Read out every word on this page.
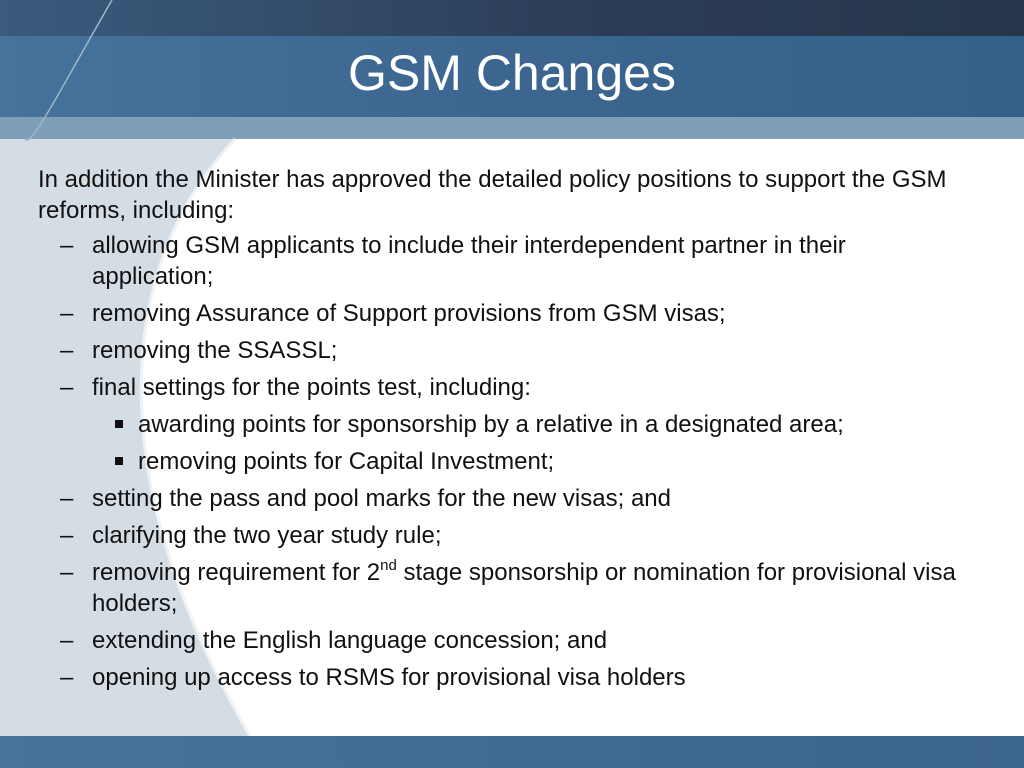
GSM Changes
In addition the Minister has approved the detailed policy positions to support the GSM reforms, including:
– allowing GSM applicants to include their interdependent partner in their application;
– removing Assurance of Support provisions from GSM visas;
– removing the SSASSL;
– final settings for the points test, including:
awarding points for sponsorship by a relative in a designated area;
removing points for Capital Investment;
– setting the pass and pool marks for the new visas; and
– clarifying the two year study rule;
– removing requirement for 2nd stage sponsorship or nomination for provisional visa holders;
– extending the English language concession; and
– opening up access to RSMS for provisional visa holders
